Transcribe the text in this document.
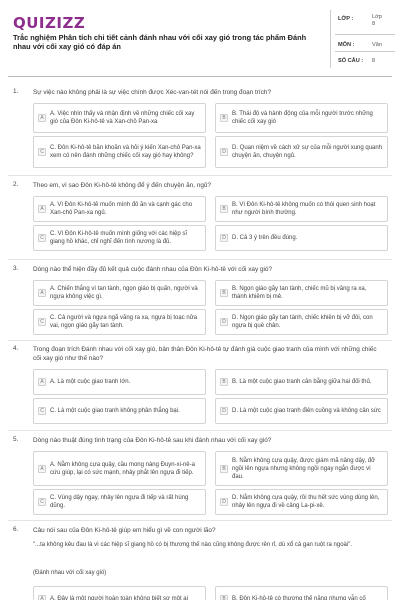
QUIZIZZ
Trắc nghiệm Phân tích chi tiết cảnh đánh nhau với cối xay gió trong tác phẩm Đánh nhau với cối xay gió có đáp án
LỚP :	Lớp 8
MÔN :	Văn
SỐ CÂU : 8
1. Sự việc nào không phải là sự việc chính được Xéc-van-tét nói đến trong đoạn trích?
A
A. Việc nhìn thấy và nhận định về những chiếc cối xay gió của Đôn Ki-hô-tê và Xan-chô Pan-xa
B
B. Thái độ và hành động của mỗi người trước những chiếc cối xay gió
C
C. Đôn Ki-hô-tê băn khoăn và hỏi ý kiến Xan-chô Pan-xa xem có nên đánh những chiếc cối xay gió hay không?
D
D. Quan niệm về cách xử sự của mỗi người xung quanh chuyện ăn, chuyện ngủ.
2. Theo em, vì sao Đôn Ki-hô-tê không để ý đến chuyện ăn, ngủ?
A
A. Vì Đôn Ki-hô-tê muốn mình đô ăn và cạnh gác cho Xan-chô Pan-xa ngủ.
B
B. Vì Đôn Ki-hô-tê không muốn có thói quen sinh hoạt như người bình thường.
C
C. Vì Đôn Ki-hô-tê muốn mình giống với các hiệp sĩ giang hồ khác, chỉ nghĩ đến tình nương là đủ.
D	D. Cả 3 ý trên đều đúng.
3. Dòng nào thể hiện đầy đủ kết quả cuộc đánh nhau của Đôn Ki-hô-tê với cối xay gió?
A
A. Chiến thắng vì tan tành, ngọn giáo bị quấn, người và ngựa không việc gì.
B
B. Ngọn giáo gãy tan tành, chiếc mũ bị văng ra xa, thành khiêm bị mẻ.
C
C. Cả người và ngựa ngã văng ra xa, ngựa bị toạc nửa vai, ngọn giáo gãy tan tành.
D
D. Ngọn giáo gãy tan tành, chiếc khiên bị vỡ đôi, con ngựa bị què chân.
4. Trong đoạn trích Đánh nhau với cối xay gió, bản thân Đôn Ki-hô-tê tự đánh giá cuộc giao tranh của mình với những chiếc cối xay gió như thế nào?
A	A. Là một cuộc giao tranh lớn.	B	B. Là một cuộc giao tranh cân bằng giữa hai đối thủ.
C	C. Là một cuộc giao tranh không phân thắng bại.	D	D. Là một cuộc giao tranh điên cuồng và không cân sức
5. Dòng nào thuật đúng tình trạng của Đôn Ki-hô-tê sau khi đánh nhau với cối xay gió?
A
A. Nằm không cựa quậy, cầu mong nàng Đuyn-xi-nê-a cứu giúp, lại có sức mạnh, nhảy phắt lên ngựa đi tiếp.
B
B. Nằm không cựa quậy, được giám mã nâng dậy, đỡ ngồi lên ngựa nhưng không ngồi ngay ngắn được vì đau.
C
C. Vùng dậy ngay, nhảy lên ngựa đi tiếp và rất hùng dũng.
D
D. Nằm không cựa quậy, rồi thu hết sức vùng dùng lên, nhảy lên ngựa đi về cảng La-pi-xê.
6. Câu nói sau của Đôn Ki-hô-tê giúp em hiểu gì về con người lão?
"...ta không kêu đau là vì các hiệp sĩ giang hồ có bị thương thế nào cũng không được rên rỉ, dù xổ cả gan ruột ra ngoài".
(Đánh nhau với cối xay gió)
A	A. Đây là một người hoàn toàn không biết sợ một ai	B	B. Đôn Ki-hô-tê có thương thế nặng nhưng vẫn cố
